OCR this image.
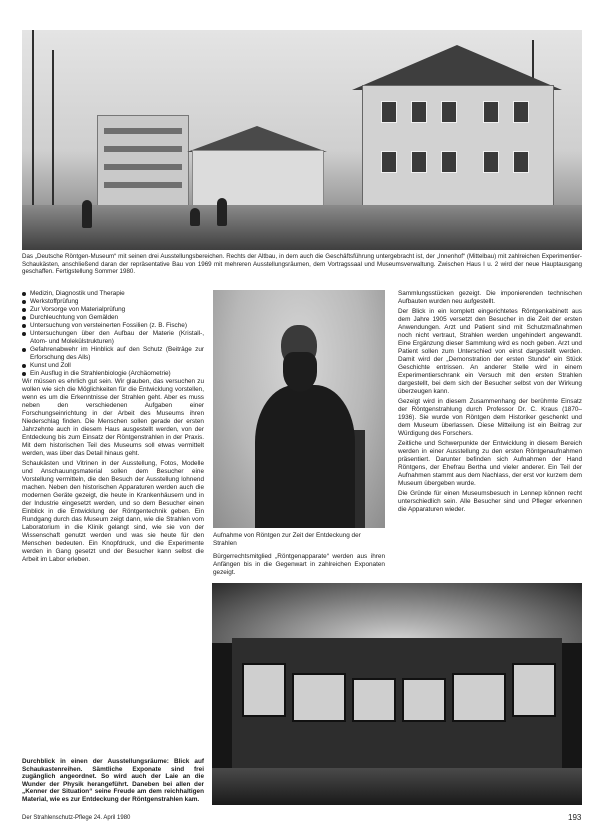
Das „Deutsche Röntgen-Museum“ mit seinen drei Ausstellungsbereichen. Rechts der Altbau, in dem auch die Geschäftsführung untergebracht ist, der „Innenhof“ (Mittelbau) mit zahlreichen Experimentier-Schaukästen, anschließend daran der repräsentative Bau von 1969 mit mehreren Ausstellungsräumen, dem Vortragssaal und Museumsverwaltung. Zwischen Haus I u. 2 wird der neue Hauptausgang geschaffen. Fertigstellung Sommer 1980.
Medizin, Diagnostik und Therapie
Werkstoffprüfung
Zur Vorsorge von Materialprüfung
Durchleuchtung von Gemälden
Untersuchung von versteinerten Fossilien (z. B. Fische)
Untersuchungen über den Aufbau der Materie (Kristall-, Atom- und Molekülstrukturen)
Gefahrenabwehr im Hinblick auf den Schutz (Beiträge zur Erforschung des Alls)
Kunst und Zoll
Ein Ausflug in die Strahlenbiologie (Archäometrie)

Wir müssen es ehrlich gut sein. Wir glauben, das versuchen zu wollen wie sich die Möglichkeiten für die Entwicklung vorstellen, wenn es um die Erkenntnisse der Strahlen geht. Aber es muss neben den verschiedenen Aufgaben einer Forschungseinrichtung in der Arbeit des Museums ihren Niederschlag finden. Die Menschen sollen gerade der ersten Jahrzehnte auch in diesem Haus ausgestellt werden, von der Entdeckung bis zum Einsatz der Röntgenstrahlen in der Praxis. Mit dem historischen Teil des Museums soll etwas vermittelt werden, was über das Detail hinaus geht.

Schaukästen und Vitrinen in der Ausstellung, Fotos, Modelle und Anschauungsmaterial sollen dem Besucher eine Vorstellung vermitteln, die den Besuch der Ausstellung lohnend machen. Neben den historischen Apparaturen werden auch die modernen Geräte gezeigt, die heute in Krankenhäusern und in der Industrie eingesetzt werden, und so dem Besucher einen Einblick in die Entwicklung der Röntgentechnik geben. Ein Rundgang durch das Museum zeigt dann, wie die Strahlen vom Laboratorium in die Klinik gelangt sind, wie sie von der Wissenschaft genutzt werden und was sie heute für den Menschen bedeuten. Ein Knopfdruck, und die Experimente werden in Gang gesetzt und der Besucher kann selbst die Arbeit im Labor erleben.

Aufnahme von Röntgen zur Zeit der Entdeckung der Strahlen
Bürgerrechtsmitglied „Röntgenapparate“ werden aus ihren Anfängen bis in die Gegenwart in zahlreichen Exponaten gezeigt.

Sammlungsstücken gezeigt. Die imponierenden technischen Aufbauten wurden neu aufgestellt.

Der Blick in ein komplett eingerichtetes Röntgenkabinett aus dem Jahre 1905 versetzt den Besucher in die Zeit der ersten Anwendungen. Arzt und Patient sind mit Schutzmaßnahmen noch nicht vertraut, Strahlen werden ungehindert angewandt. Eine Ergänzung dieser Sammlung wird es noch geben. Arzt und Patient sollen zum Unterschied von einst dargestellt werden. Damit wird der „Demonstration der ersten Stunde“ ein Stück Geschichte entrissen. An anderer Stelle wird in einem Experimentierschrank ein Versuch mit den ersten Strahlen dargestellt, bei dem sich der Besucher selbst von der Wirkung überzeugen kann.

Gezeigt wird in diesem Zusammenhang der berühmte Einsatz der Röntgenstrahlung durch Professor Dr. C. Kraus (1870–1936). Sie wurde von Röntgen dem Historiker geschenkt und dem Museum überlassen. Diese Mitteilung ist ein Beitrag zur Würdigung des Forschers.

Zeitliche und Schwerpunkte der Entwicklung in diesem Bereich werden in einer Ausstellung zu den ersten Röntgenaufnahmen präsentiert. Darunter befinden sich Aufnahmen der Hand Röntgens, der Ehefrau Bertha und vieler anderer. Ein Teil der Aufnahmen stammt aus dem Nachlass, der erst vor kurzem dem Museum übergeben wurde.

Die Gründe für einen Museumsbesuch in Lennep können recht unterschiedlich sein. Alle Besucher sind und Pfleger erkennen die Apparaturen wieder.

Durchblick in einen der Ausstellungsräume: Blick auf Schaukastenreihen. Sämtliche Exponate sind frei zugänglich angeordnet. So wird auch der Laie an die Wunder der Physik herangeführt. Daneben bei allen der „Kenner der Situation“ seine Freude am dem reichhaltigen Material, wie es zur Entdeckung der Röntgenstrahlen kam.
Der Strahlenschutz-Pflege 24. April 1980	193
